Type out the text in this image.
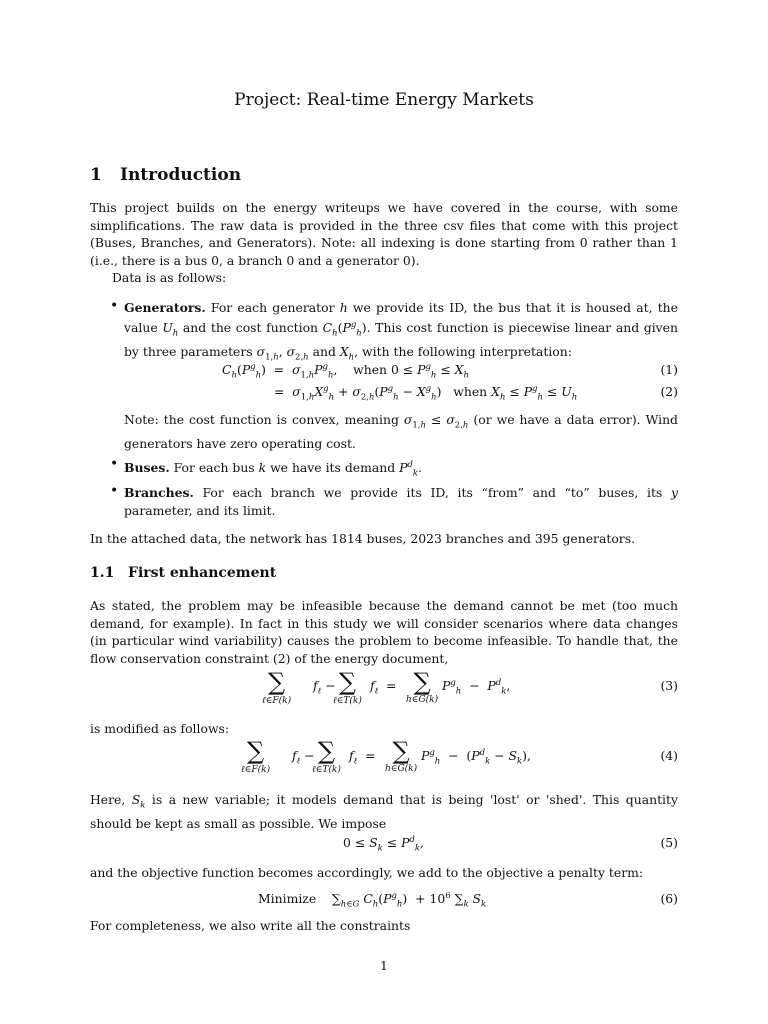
Project: Real-time Energy Markets
1 Introduction
This project builds on the energy writeups we have covered in the course, with some simplifications. The raw data is provided in the three csv files that come with this project (Buses, Branches, and Generators). Note: all indexing is done starting from 0 rather than 1 (i.e., there is a bus 0, a branch 0 and a generator 0).
Data is as follows:
• Generators. For each generator h we provide its ID, the bus that it is housed at, the value $U_h$ and the cost function $C_h(P^g_h)$. This cost function is piecewise linear and given by three parameters $\sigma_{1,h}$, $\sigma_{2,h}$ and $X_h$, with the following interpretation:
$C_h(P^g_h) = \sigma_{1,h}P^g_h$,    when $0 \le P^g_h \le X_h$	(1)
=  $\sigma_{1,h}X^g_h + \sigma_{2,h}(P^g_h - X^g_h)$   when $X_h \le P^g_h \le U_h$	(2)
Note: the cost function is convex, meaning $\sigma_{1,h} \le \sigma_{2,h}$ (or we have a data error). Wind generators have zero operating cost.
• Buses. For each bus k we have its demand $P^d_k$.
• Branches. For each branch we provide its ID, its “from” and “to” buses, its y parameter, and its limit.
In the attached data, the network has 1814 buses, 2023 branches and 395 generators.
1.1 First enhancement
As stated, the problem may be infeasible because the demand cannot be met (too much demand, for example). In fact in this study we will consider scenarios where data changes (in particular wind variability) causes the problem to become infeasible. To handle that, the flow conservation constraint (2) of the energy document,
∑
ℓ∈F(k)
$f_\ell$ − ∑
ℓ∈T(k)
$f_\ell$  = ∑
h∈G(k)
$P^g_h - P^d_k$,	(3)
is modified as follows:
∑
ℓ∈F(k)
$f_\ell$ − ∑
ℓ∈T(k)
$f_\ell$  = ∑
h∈G(k)
$P^g_h - (P^d_k - S_k)$,	(4)
Here, $S_k$ is a new variable; it models demand that is being 'lost' or 'shed'. This quantity should be kept as small as possible. We impose
$0 \le S_k \le P^d_k$,	(5)
and the objective function becomes accordingly, we add to the objective a penalty term:
Minimize    $\sum_{h\in G}$ $C_h(P^g_h) + 10^6$ $\sum_k$ $S_k$	(6)
For completeness, we also write all the constraints
1
